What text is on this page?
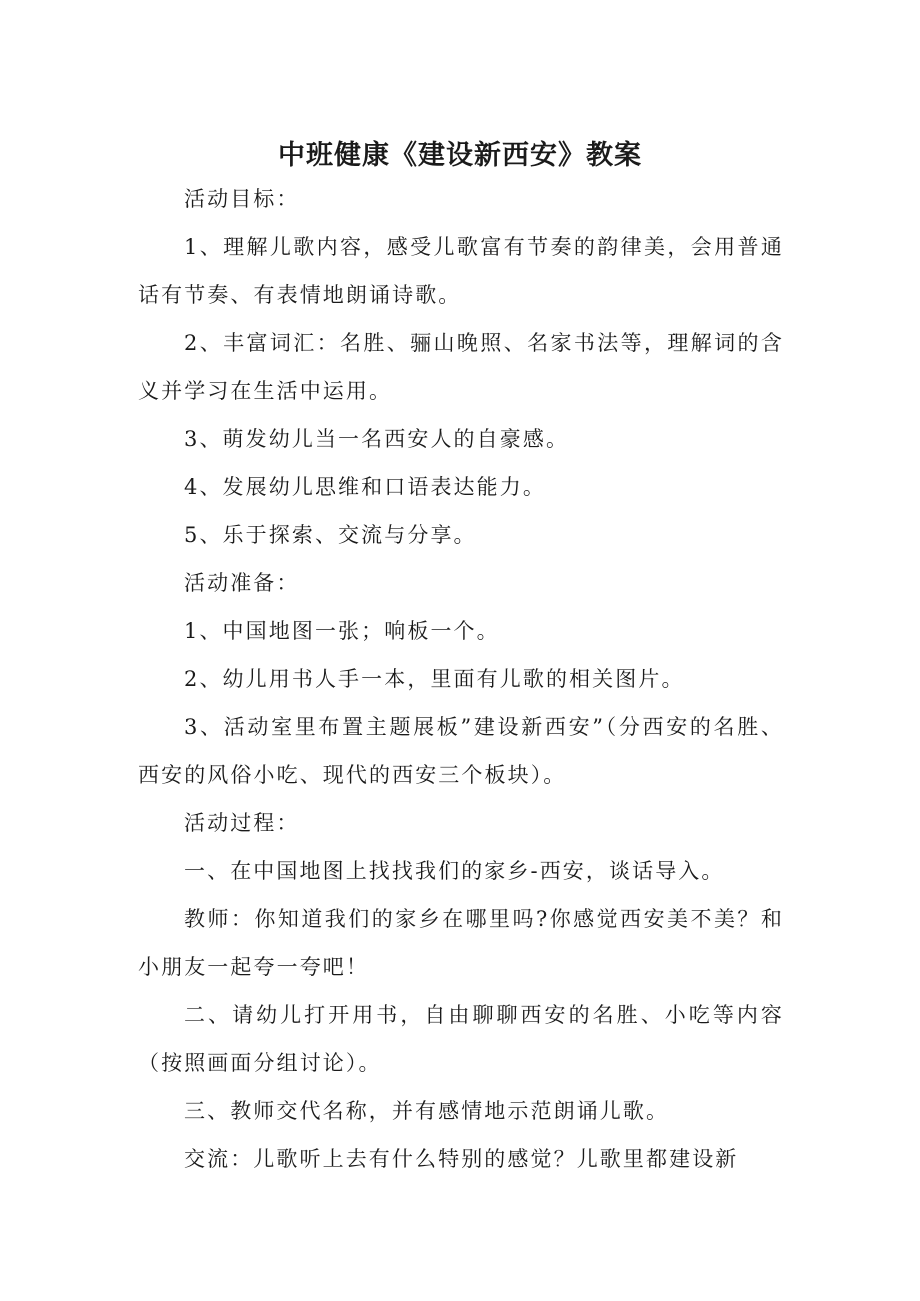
中班健康《建设新西安》教案

活动目标：

1、理解儿歌内容，感受儿歌富有节奏的韵律美，会用普通话有节奏、有表情地朗诵诗歌。

2、丰富词汇：名胜、骊山晚照、名家书法等，理解词的含义并学习在生活中运用。

3、萌发幼儿当一名西安人的自豪感。

4、发展幼儿思维和口语表达能力。

5、乐于探索、交流与分享。

活动准备：

1、中国地图一张；响板一个。

2、幼儿用书人手一本，里面有儿歌的相关图片。

3、活动室里布置主题展板”建设新西安”（分西安的名胜、西安的风俗小吃、现代的西安三个板块）。

活动过程：

一、在中国地图上找找我们的家乡-西安，谈话导入。

教师：你知道我们的家乡在哪里吗?你感觉西安美不美？和小朋友一起夸一夸吧！

二、请幼儿打开用书，自由聊聊西安的名胜、小吃等内容（按照画面分组讨论）。

三、教师交代名称，并有感情地示范朗诵儿歌。

交流：儿歌听上去有什么特别的感觉？儿歌里都建设新
